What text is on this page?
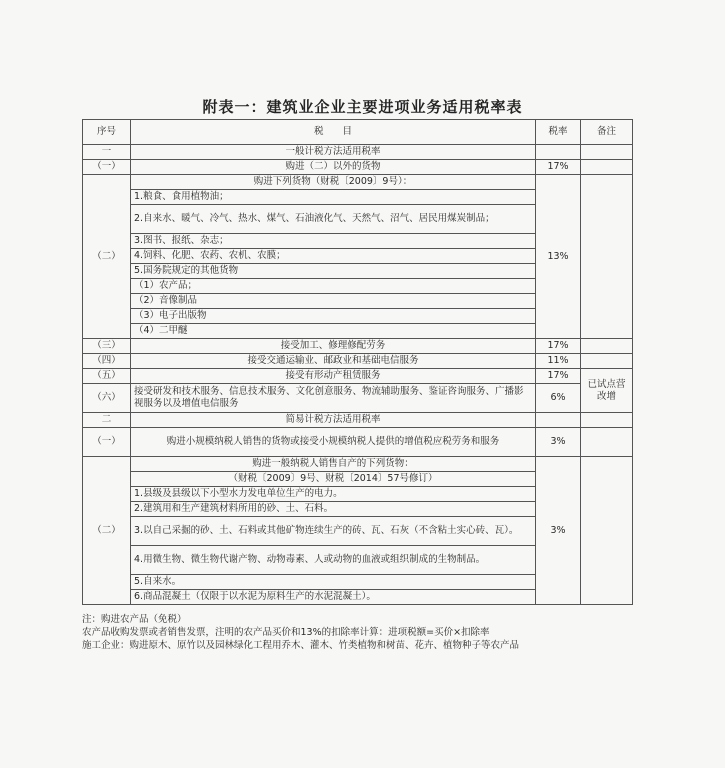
附表一：建筑业企业主要进项业务适用税率表
序号	税　　目	税率	备注
一	一般计税方法适用税率		
（一）	购进（二）以外的货物	17%	
（二）	购进下列货物（财税〔2009〕9号）：	13%	
	1.粮食、食用植物油；		
	2.自来水、暖气、冷气、热水、煤气、石油液化气、天然气、沼气、居民用煤炭制品；		
	3.图书、报纸、杂志；		
	4.饲料、化肥、农药、农机、农膜；		
	5.国务院规定的其他货物		
	（1）农产品；		
	（2）音像制品		
	（3）电子出版物		
	（4）二甲醚		
（三）	接受加工、修理修配劳务	17%	
（四）	接受交通运输业、邮政业和基础电信服务	11%	
（五）	接受有形动产租赁服务	17%	已试点营改增
（六）	接受研发和技术服务、信息技术服务、文化创意服务、物流辅助服务、鉴证咨询服务、广播影视服务以及增值电信服务	6%	
二	简易计税方法适用税率		
（一）	购进小规模纳税人销售的货物或接受小规模纳税人提供的增值税应税劳务和服务	3%	
（二）	购进一般纳税人销售自产的下列货物：	3%	
	（财税〔2009〕9号、财税〔2014〕57号修订）		
	1.县级及县级以下小型水力发电单位生产的电力。		
	2.建筑用和生产建筑材料所用的砂、土、石料。		
	3.以自己采掘的砂、土、石料或其他矿物连续生产的砖、瓦、石灰（不含粘土实心砖、瓦）。		
	4.用微生物、微生物代谢产物、动物毒素、人或动物的血液或组织制成的生物制品。		
	5.自来水。		
	6.商品混凝土（仅限于以水泥为原料生产的水泥混凝土）。		
注：购进农产品（免税）
农产品收购发票或者销售发票，注明的农产品买价和13%的扣除率计算：进项税额=买价×扣除率
施工企业：购进原木、原竹以及园林绿化工程用乔木、灌木、竹类植物和树苗、花卉、植物种子等农产品
